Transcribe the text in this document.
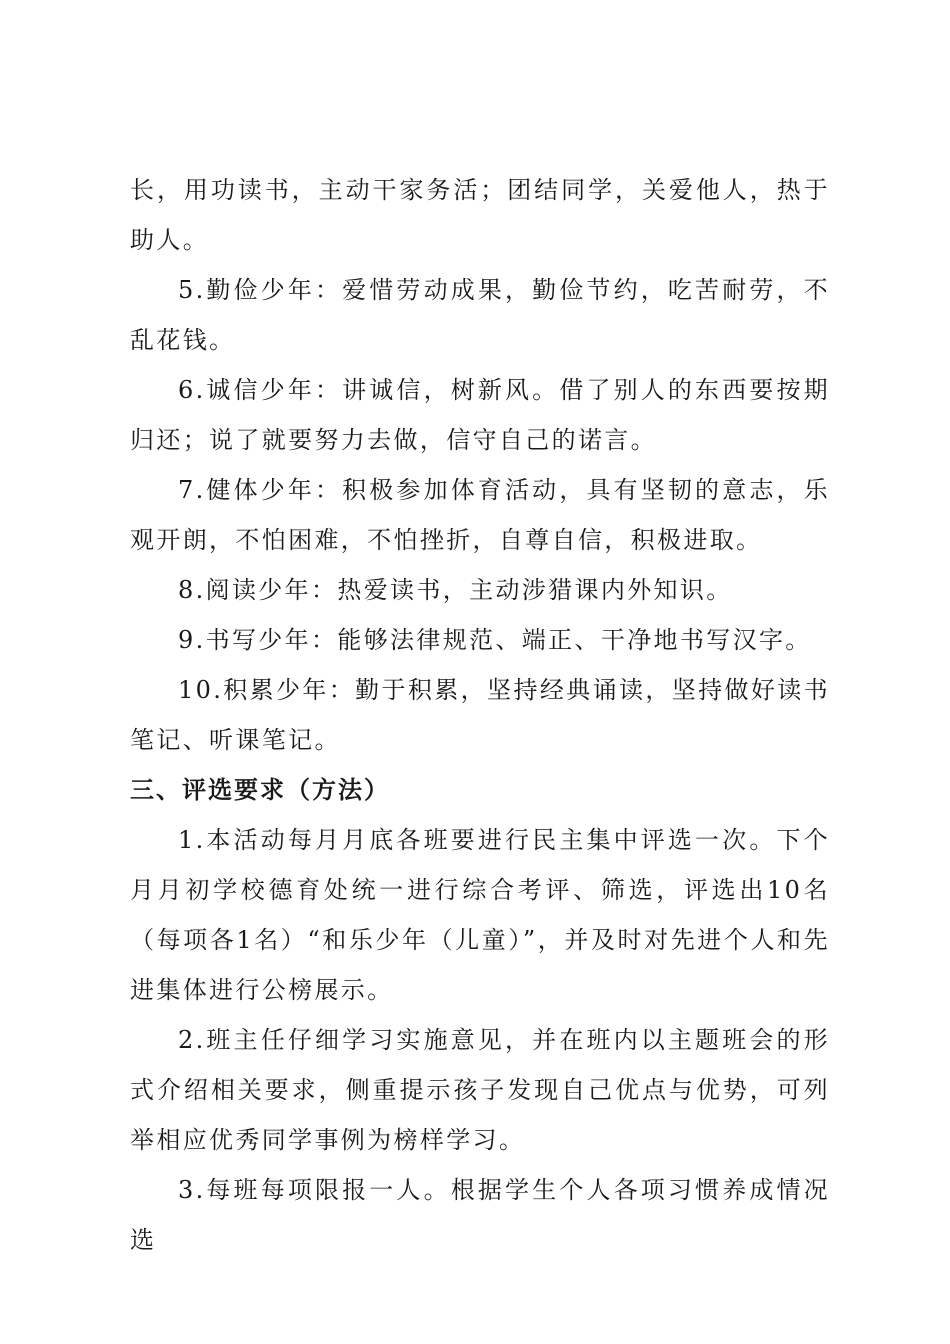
长，用功读书，主动干家务活；团结同学，关爱他人，热于助人。

5.勤俭少年：爱惜劳动成果，勤俭节约，吃苦耐劳，不乱花钱。

6.诚信少年：讲诚信，树新风。借了别人的东西要按期归还；说了就要努力去做，信守自己的诺言。

7.健体少年：积极参加体育活动，具有坚韧的意志，乐观开朗，不怕困难，不怕挫折，自尊自信，积极进取。

8.阅读少年：热爱读书，主动涉猎课内外知识。

9.书写少年：能够法律规范、端正、干净地书写汉字。

10.积累少年：勤于积累，坚持经典诵读，坚持做好读书笔记、听课笔记。

三、评选要求（方法）

1.本活动每月月底各班要进行民主集中评选一次。下个月月初学校德育处统一进行综合考评、筛选，评选出10名（每项各1名）“和乐少年（儿童）”，并及时对先进个人和先进集体进行公榜展示。

2.班主任仔细学习实施意见，并在班内以主题班会的形式介绍相关要求，侧重提示孩子发现自己优点与优势，可列举相应优秀同学事例为榜样学习。

3.每班每项限报一人。根据学生个人各项习惯养成情况选
